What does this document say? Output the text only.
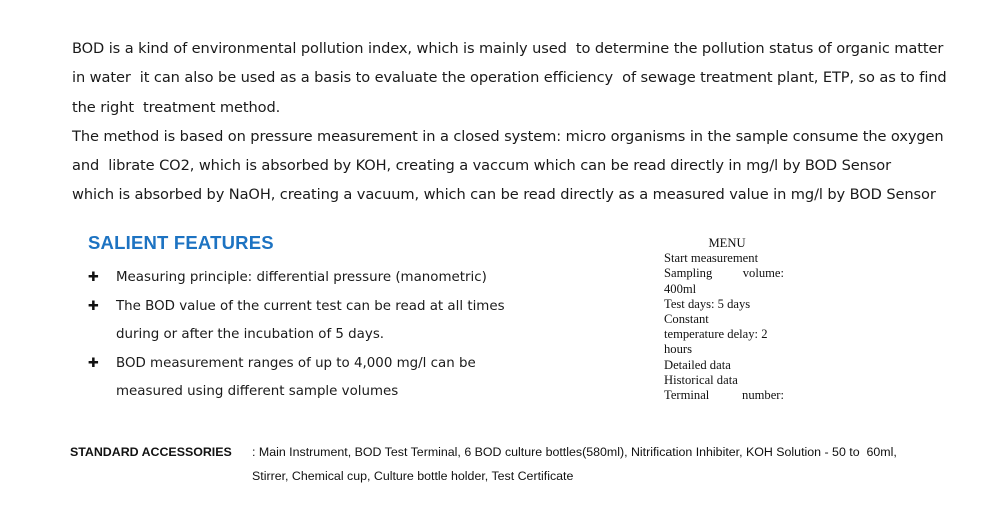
BOD is a kind of environmental pollution index, which is mainly used  to determine the pollution status of organic matter

in water  it can also be used as a basis to evaluate the operation efficiency  of sewage treatment plant, ETP, so as to find

the right  treatment method.

The method is based on pressure measurement in a closed system: micro organisms in the sample consume the oxygen

and  librate CO2, which is absorbed by KOH, creating a vaccum which can be read directly in mg/l by BOD Sensor

which is absorbed by NaOH, creating a vacuum, which can be read directly as a measured value in mg/l by BOD Sensor

SALIENT FEATURES
✚	Measuring principle: differential pressure (manometric)
✚	The BOD value of the current test can be read at all times
during or after the incubation of 5 days.
✚	BOD measurement ranges of up to 4,000 mg/l can be
measured using different sample volumes
MENU
Start measurement
Sampling volume:
400ml
Test days: 5 days
Constant
temperature delay: 2
hours
Detailed data
Historical data
Terminal number:
STANDARD ACCESSORIES : Main Instrument, BOD Test Terminal, 6 BOD culture bottles(580ml), Nitrification Inhibiter, KOH Solution - 50 to  60ml,
Stirrer, Chemical cup, Culture bottle holder, Test Certificate
